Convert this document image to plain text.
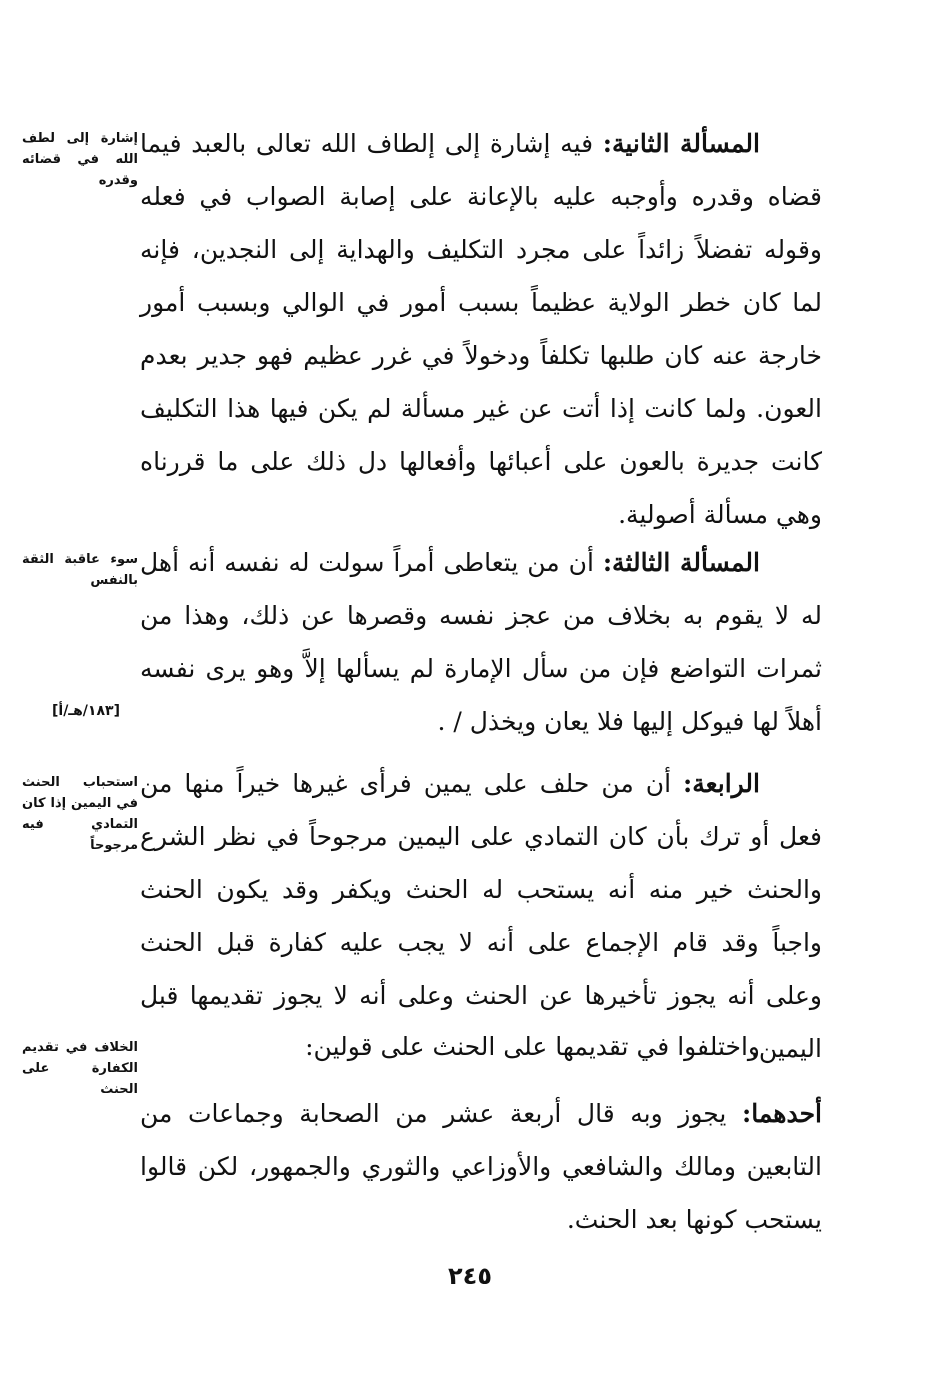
المسألة الثانية: فيه إشارة إلى إلطاف الله تعالى بالعبد فيما قضاه وقدره وأوجبه عليه بالإعانة على إصابة الصواب في فعله وقوله تفضلاً زائداً على مجرد التكليف والهداية إلى النجدين، فإنه لما كان خطر الولاية عظيماً بسبب أمور في الوالي وبسبب أمور خارجة عنه كان طلبها تكلفاً ودخولاً في غرر عظيم فهو جدير بعدم العون. ولما كانت إذا أتت عن غير مسألة لم يكن فيها هذا التكليف كانت جديرة بالعون على أعبائها وأفعالها دل ذلك على ما قررناه وهي مسألة أصولية.

إشارة إلى لطف الله في قضائه وقدره

المسألة الثالثة: أن من يتعاطى أمراً سولت له نفسه أنه أهل له لا يقوم به بخلاف من عجز نفسه وقصرها عن ذلك، وهذا من ثمرات التواضع فإن من سأل الإمارة لم يسألها إلاَّ وهو يرى نفسه أهلاً لها فيوكل إليها فلا يعان ويخذل / .

سوء عاقبة الثقة بالنفس
[١٨٣/هـ/أ]

الرابعة: أن من حلف على يمين فرأى غيرها خيراً منها من فعل أو ترك بأن كان التمادي على اليمين مرجوحاً في نظر الشرع والحنث خير منه أنه يستحب له الحنث ويكفر وقد يكون الحنث واجباً وقد قام الإجماع على أنه لا يجب عليه كفارة قبل الحنث وعلى أنه يجوز تأخيرها عن الحنث وعلى أنه لا يجوز تقديمها قبل اليمين.

استحباب الحنث في اليمين إذا كان التمادي فيه مرجوحاً

واختلفوا في تقديمها على الحنث على قولين:

الخلاف في تقديم الكفارة على الحنث

أحدهما: يجوز وبه قال أربعة عشر من الصحابة وجماعات من التابعين ومالك والشافعي والأوزاعي والثوري والجمهور، لكن قالوا يستحب كونها بعد الحنث.

٢٤٥
